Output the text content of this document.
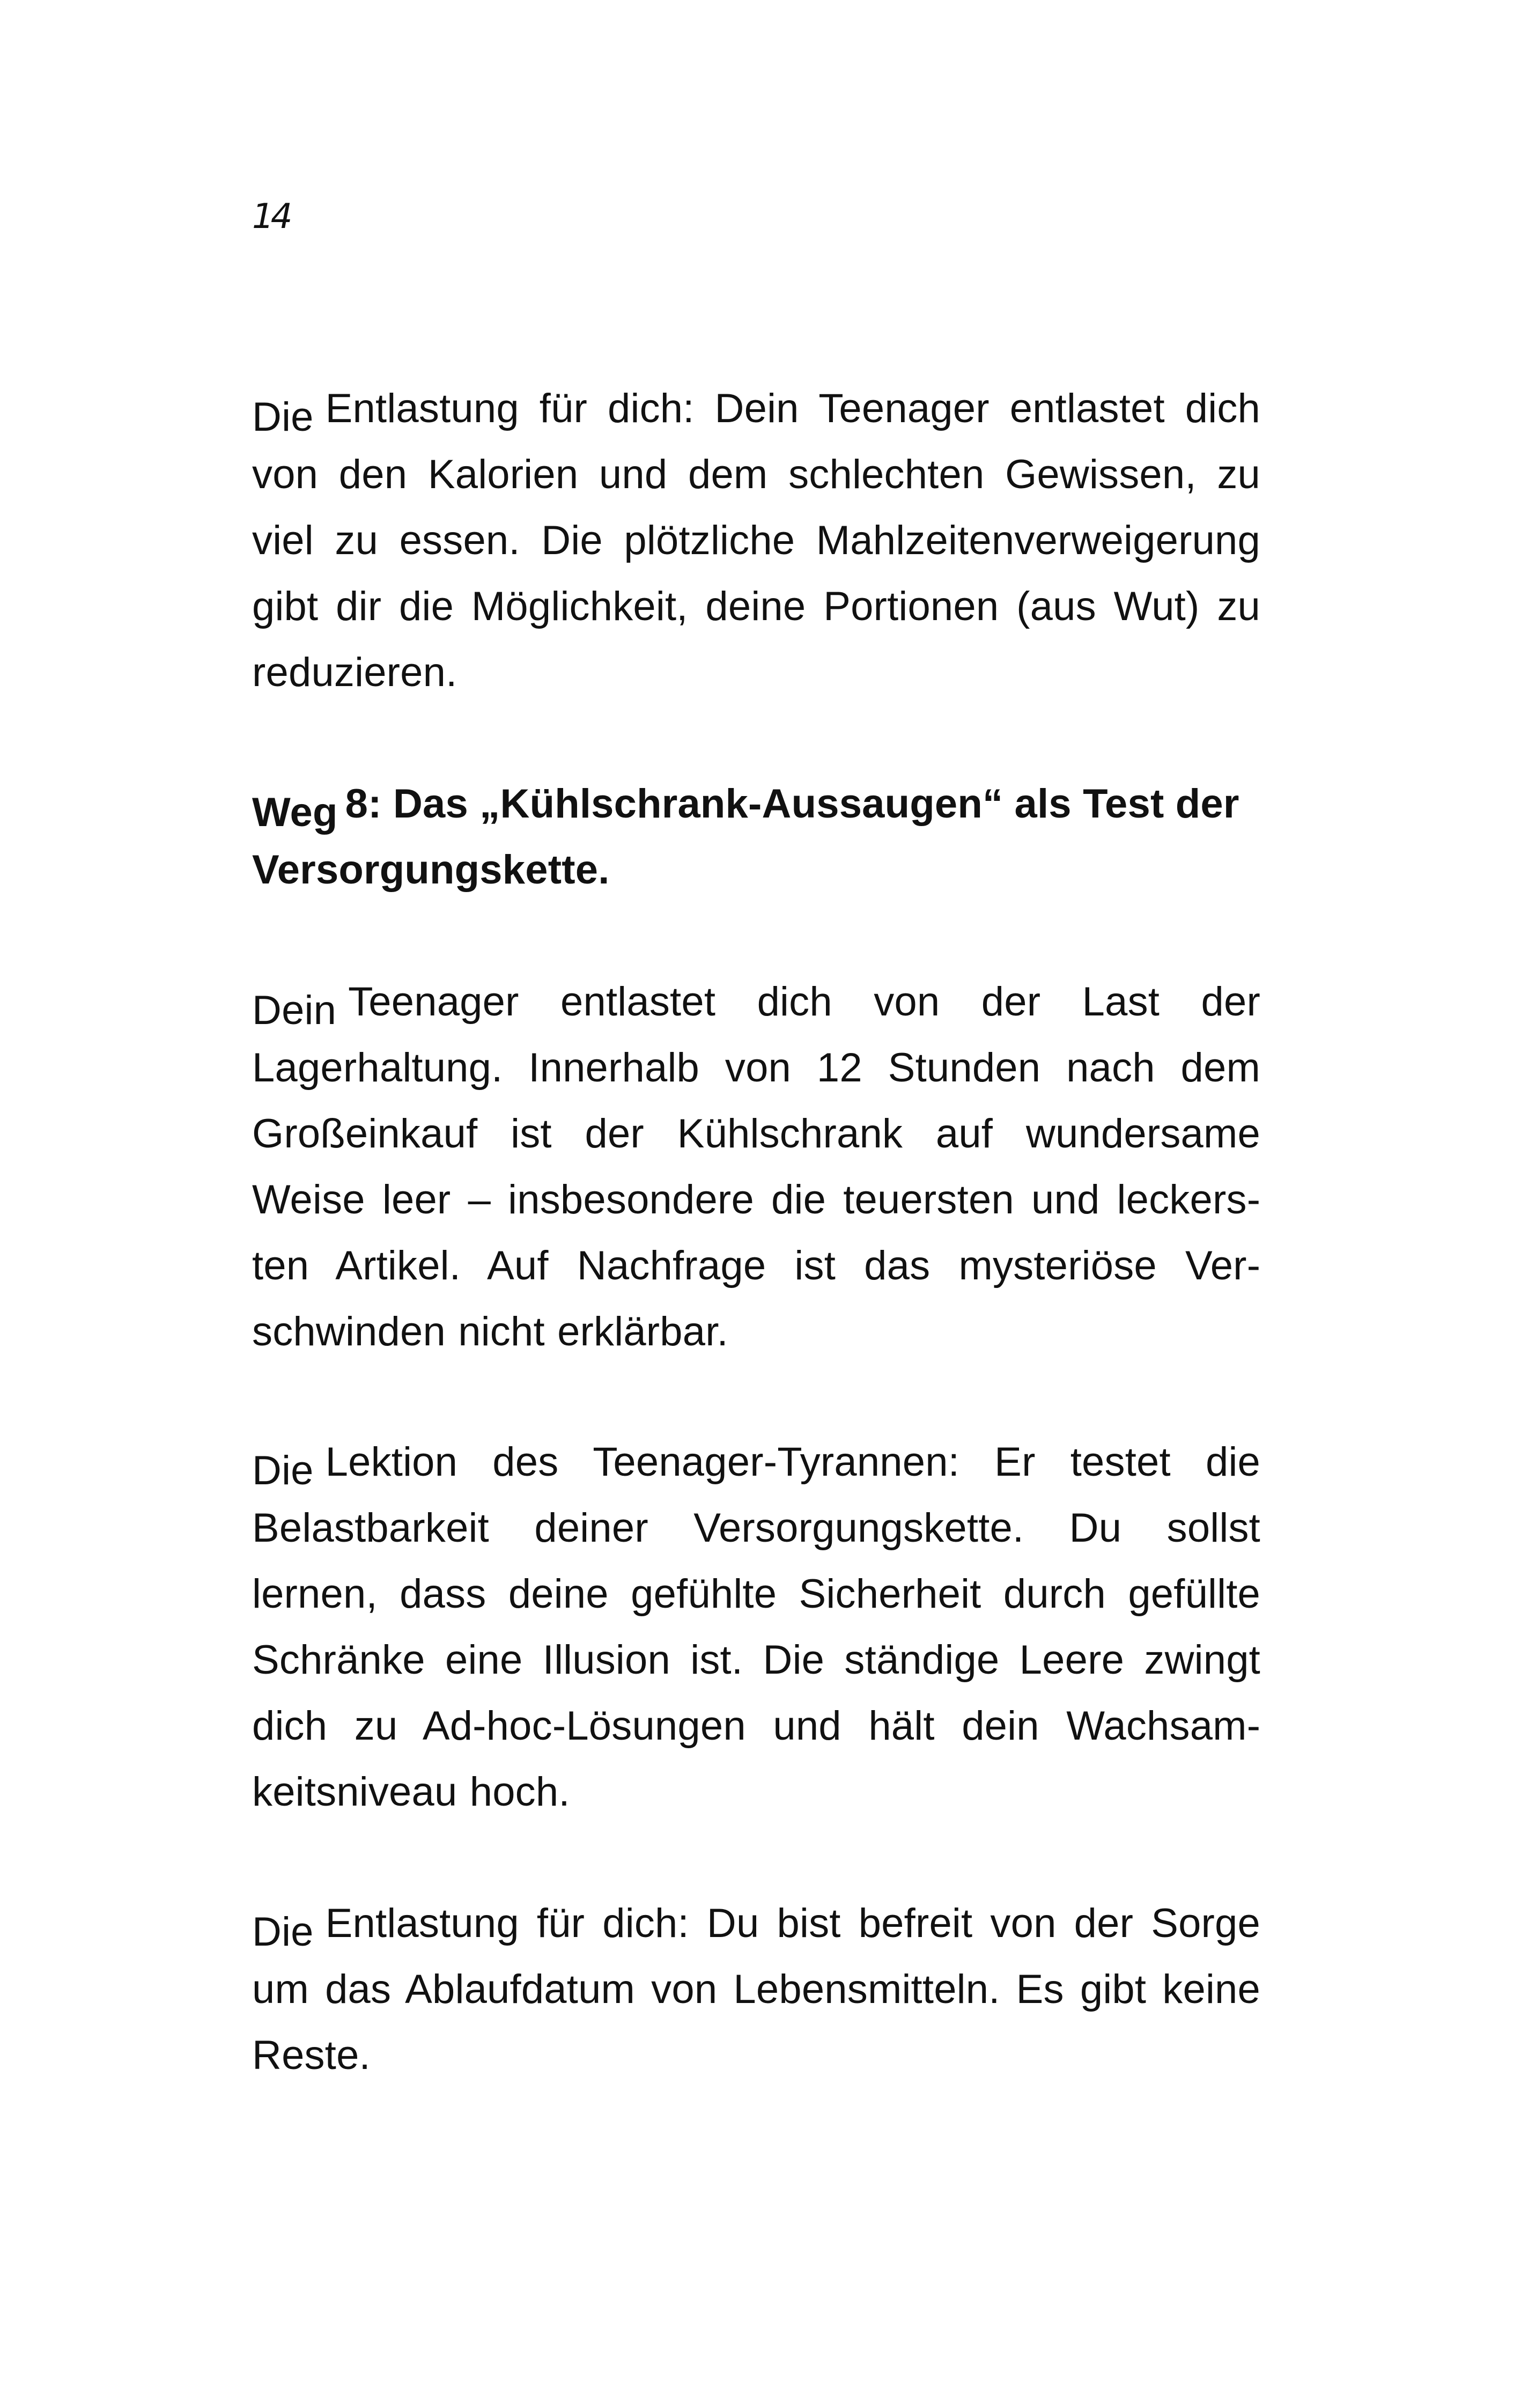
14

Die Entlastung für dich: Dein Teenager entlastet dich von den Kalorien und dem schlechten Gewissen, zu viel zu essen. Die plötzliche Mahlzeitenverweigerung gibt dir die Möglichkeit, deine Portionen (aus Wut) zu reduzieren.

Weg 8: Das „Kühlschrank-Aussaugen“ als Test der Versorgungskette.

Dein Teenager entlastet dich von der Last der Lagerhaltung. Innerhalb von 12 Stunden nach dem Großeinkauf ist der Kühlschrank auf wundersame Weise leer – insbesondere die teuersten und leckersten Artikel. Auf Nachfrage ist das mysteriöse Verschwinden nicht erklärbar.

Die Lektion des Teenager-Tyrannen: Er testet die Belastbarkeit deiner Versorgungskette. Du sollst lernen, dass deine gefühlte Sicherheit durch gefüllte Schränke eine Illusion ist. Die ständige Leere zwingt dich zu Ad-hoc-Lösungen und hält dein Wachsamkeitsniveau hoch.

Die Entlastung für dich: Du bist befreit von der Sorge um das Ablaufdatum von Lebensmitteln. Es gibt keine Reste.
